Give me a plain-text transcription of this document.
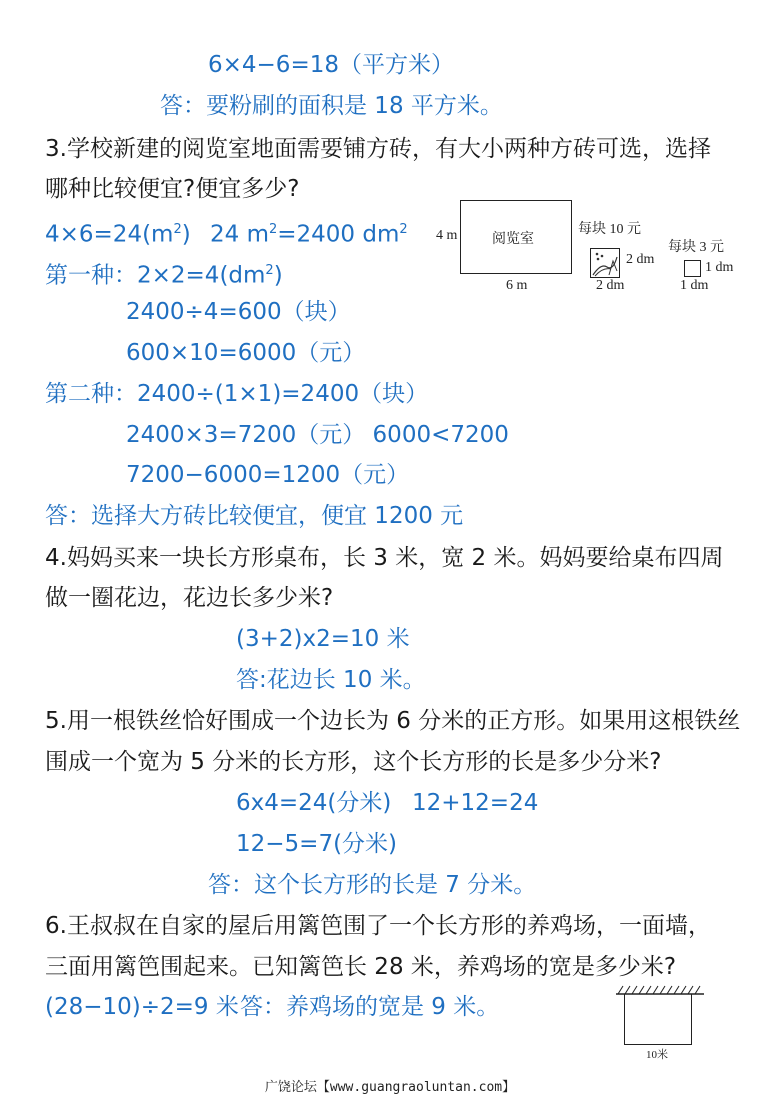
6×4−6=18（平方米）
答：要粉刷的面积是 18 平方米。
3.学校新建的阅览室地面需要铺方砖，有大小两种方砖可选，选择
哪种比较便宜?便宜多少?
$4\times 6=24(m^2)$ 24 $m^2=2400$ $dm^2$
第一种：$2\times 2=4(dm^2)$
2400÷4=600（块）
600×10=6000（元）
第二种：2400÷(1×1)=2400（块）
2400×3=7200（元） 6000<7200
7200−6000=1200（元）
答：选择大方砖比较便宜，便宜 1200 元
阅览室
4 m
6 m
每块 10 元
2 dm
2 dm
每块 3 元
1 dm
1 dm
4.妈妈买来一块长方形桌布，长 3 米，宽 2 米。妈妈要给桌布四周
做一圈花边，花边长多少米?
(3+2)x2=10 米
答:花边长 10 米。
5.用一根铁丝恰好围成一个边长为 6 分米的正方形。如果用这根铁丝
围成一个宽为 5 分米的长方形，这个长方形的长是多少分米?
6x4=24(分米) 12+12=24
12−5=7(分米)
答：这个长方形的长是 7 分米。
6.王叔叔在自家的屋后用篱笆围了一个长方形的养鸡场，一面墙，
三面用篱笆围起来。已知篱笆长 28 米，养鸡场的宽是多少米?
(28−10)÷2=9 米 答：养鸡场的宽是 9 米。
10米
广饶论坛【www.guangraoluntan.com】
